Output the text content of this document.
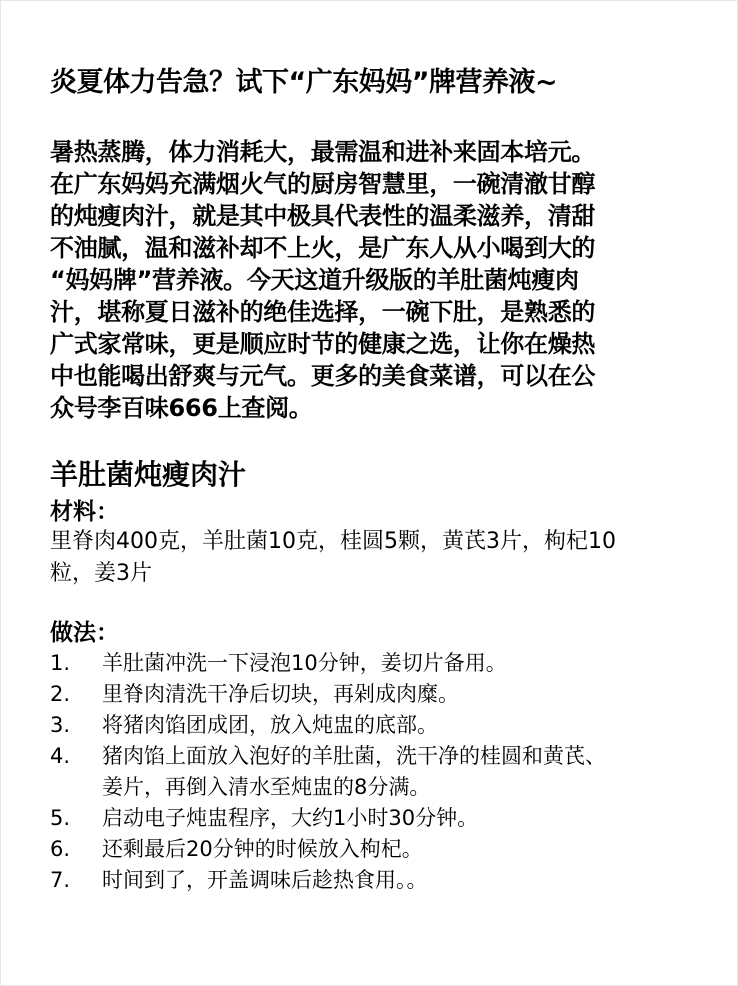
炎夏体力告急？试下“广东妈妈”牌营养液~
暑热蒸腾，体力消耗大，最需温和进补来固本培元。
在广东妈妈充满烟火气的厨房智慧里，一碗清澈甘醇
的炖瘦肉汁，就是其中极具代表性的温柔滋养，清甜
不油腻，温和滋补却不上火，是广东人从小喝到大的
“妈妈牌”营养液。今天这道升级版的羊肚菌炖瘦肉
汁，堪称夏日滋补的绝佳选择，一碗下肚，是熟悉的
广式家常味，更是顺应时节的健康之选，让你在燥热
中也能喝出舒爽与元气。更多的美食菜谱，可以在公
众号李百味666上查阅。
羊肚菌炖瘦肉汁
材料：
里脊肉400克，羊肚菌10克，桂圆5颗，黄芪3片，枸杞10
粒，姜3片
做法：
1. 羊肚菌冲洗一下浸泡10分钟，姜切片备用。
2. 里脊肉清洗干净后切块，再剁成肉糜。
3. 将猪肉馅团成团，放入炖盅的底部。
4. 猪肉馅上面放入泡好的羊肚菌，洗干净的桂圆和黄芪、
姜片，再倒入清水至炖盅的8分满。
5. 启动电子炖盅程序，大约1小时30分钟。
6. 还剩最后20分钟的时候放入枸杞。
7. 时间到了，开盖调味后趁热食用。。
